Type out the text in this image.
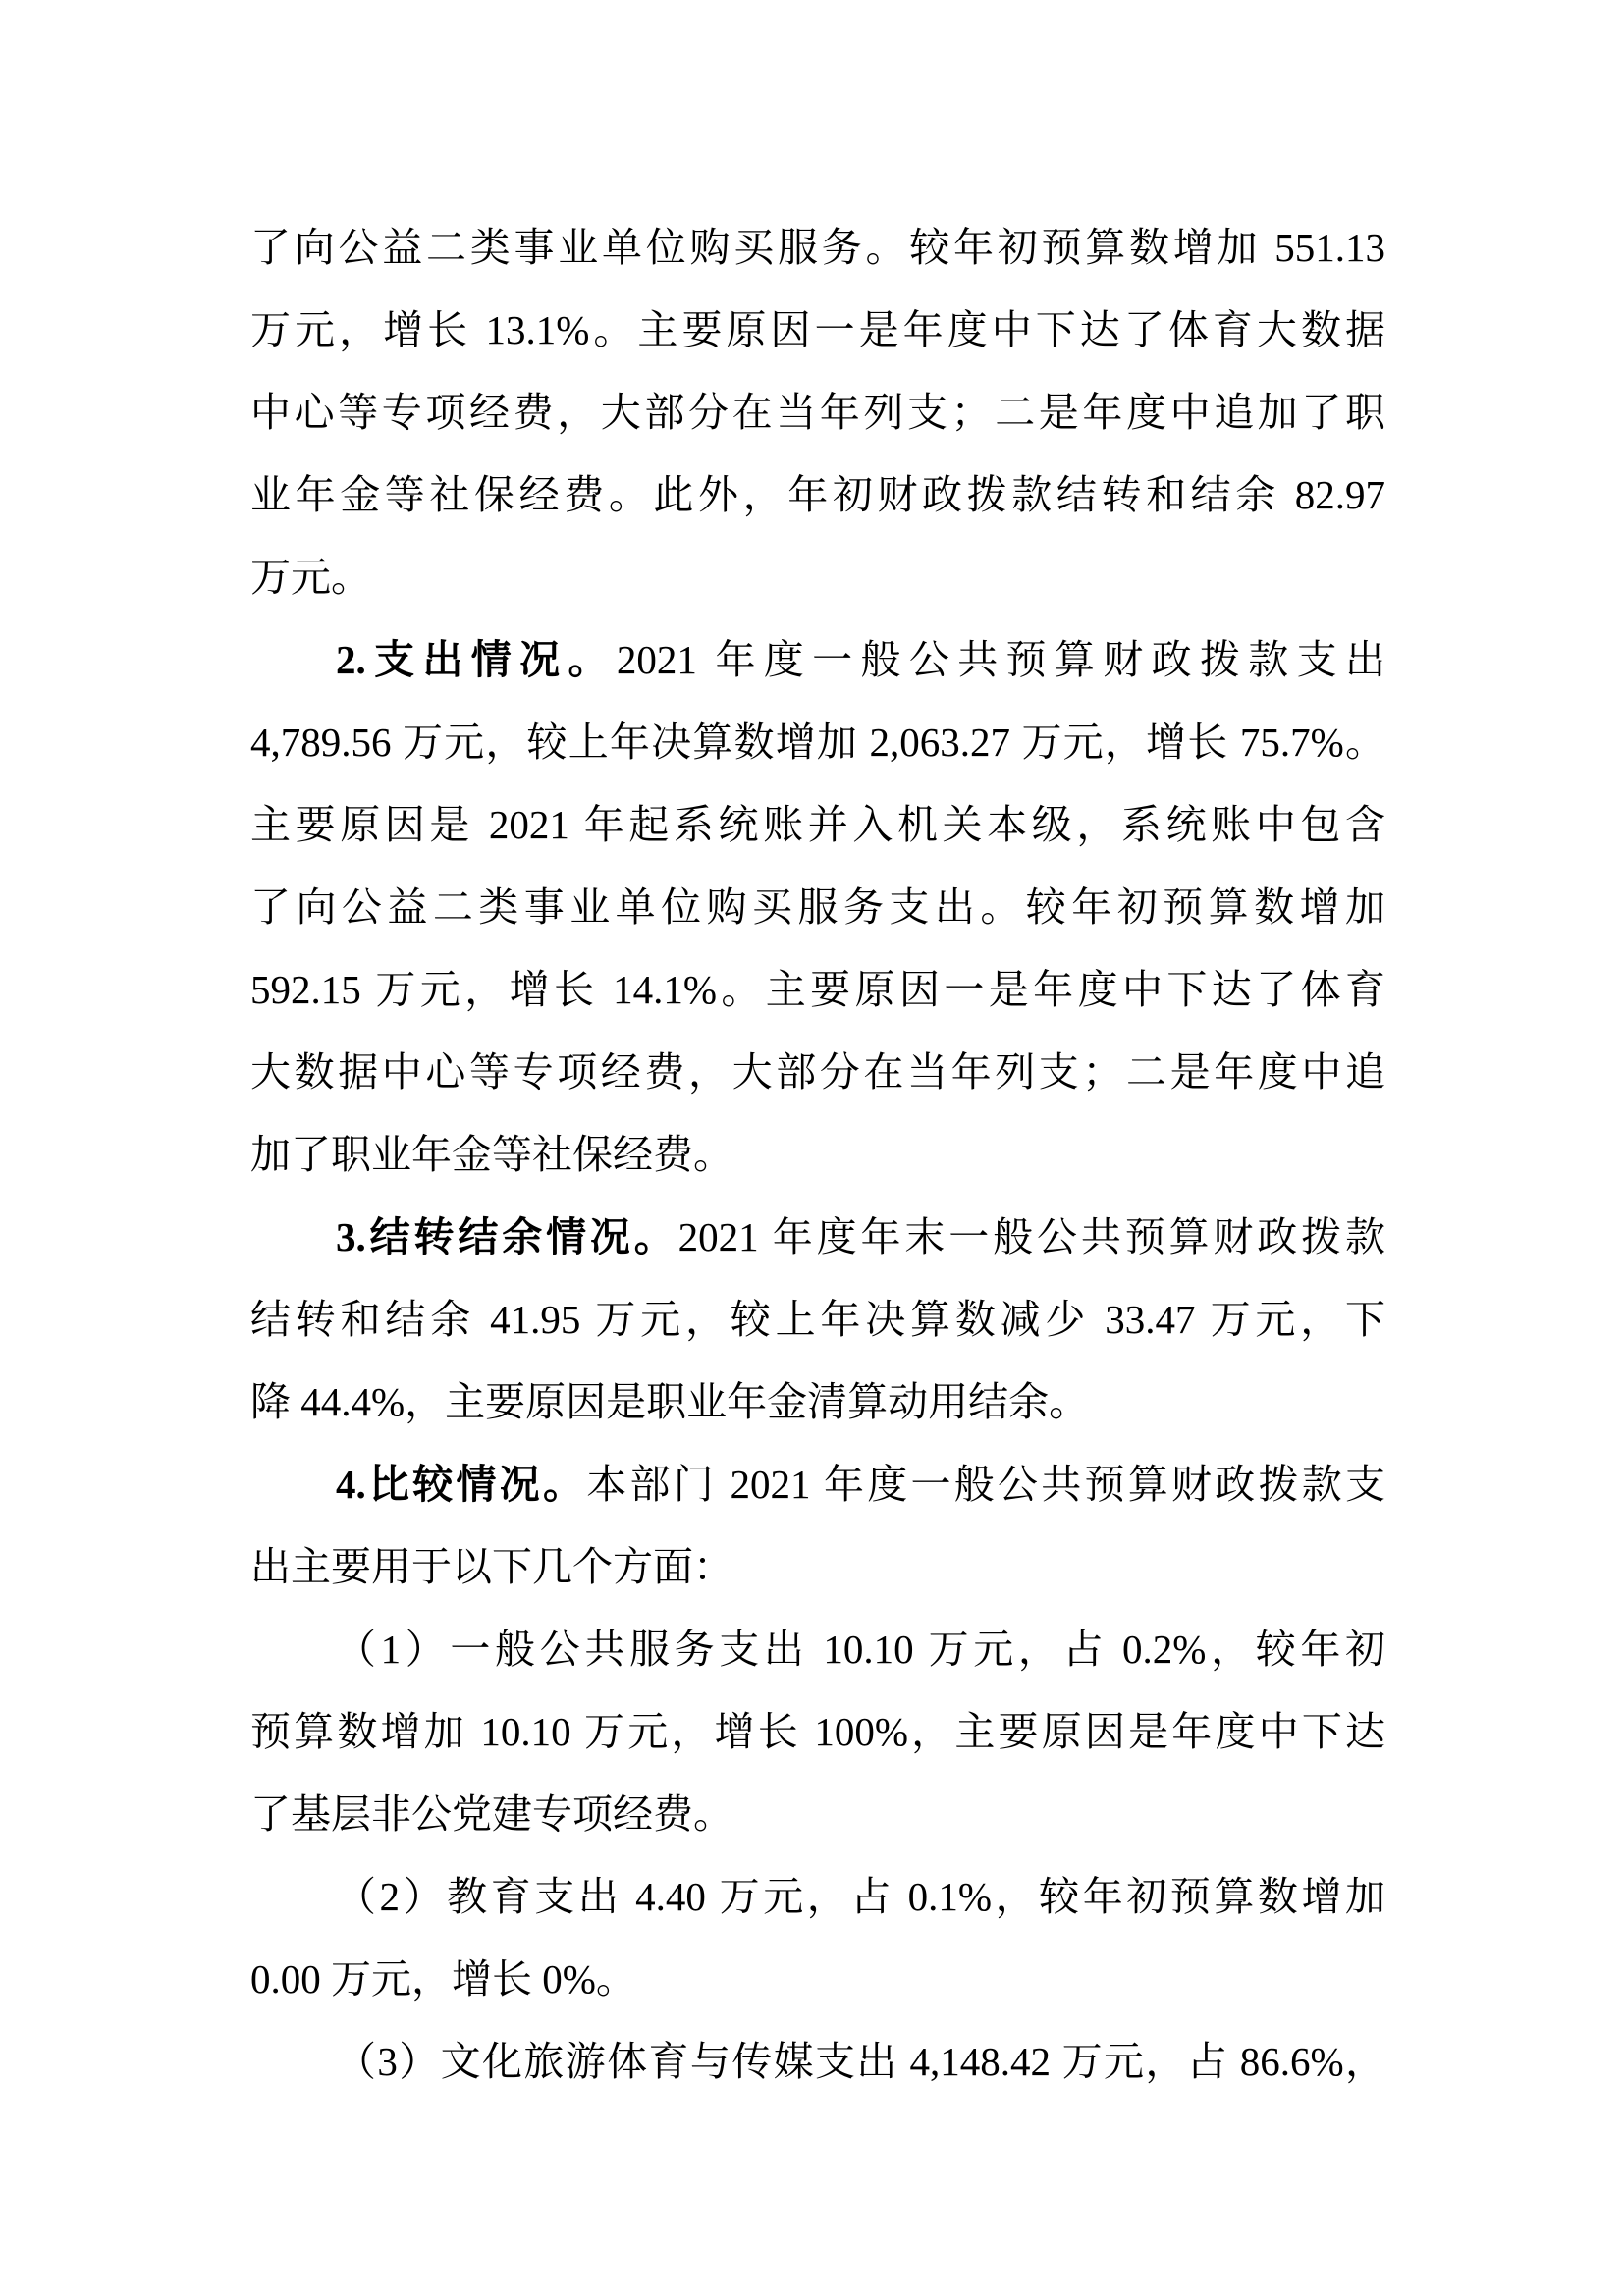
了向公益二类事业单位购买服务。较年初预算数增加 551.13
万元，增长 13.1%。主要原因一是年度中下达了体育大数据
中心等专项经费，大部分在当年列支；二是年度中追加了职
业年金等社保经费。此外，年初财政拨款结转和结余 82.97
万元。
2.支出情况。2021 年度一般公共预算财政拨款支出
4,789.56 万元，较上年决算数增加 2,063.27 万元，增长 75.7%。
主要原因是 2021 年起系统账并入机关本级，系统账中包含
了向公益二类事业单位购买服务支出。较年初预算数增加
592.15 万元，增长 14.1%。主要原因一是年度中下达了体育
大数据中心等专项经费，大部分在当年列支；二是年度中追
加了职业年金等社保经费。
3.结转结余情况。2021 年度年末一般公共预算财政拨款
结转和结余 41.95 万元，较上年决算数减少 33.47 万元，下
降 44.4%，主要原因是职业年金清算动用结余。
4.比较情况。本部门 2021 年度一般公共预算财政拨款支
出主要用于以下几个方面：
（1）一般公共服务支出 10.10 万元，占 0.2%，较年初
预算数增加 10.10 万元，增长 100%，主要原因是年度中下达
了基层非公党建专项经费。
（2）教育支出 4.40 万元，占 0.1%，较年初预算数增加
0.00 万元，增长 0%。
（3）文化旅游体育与传媒支出 4,148.42 万元，占 86.6%，
